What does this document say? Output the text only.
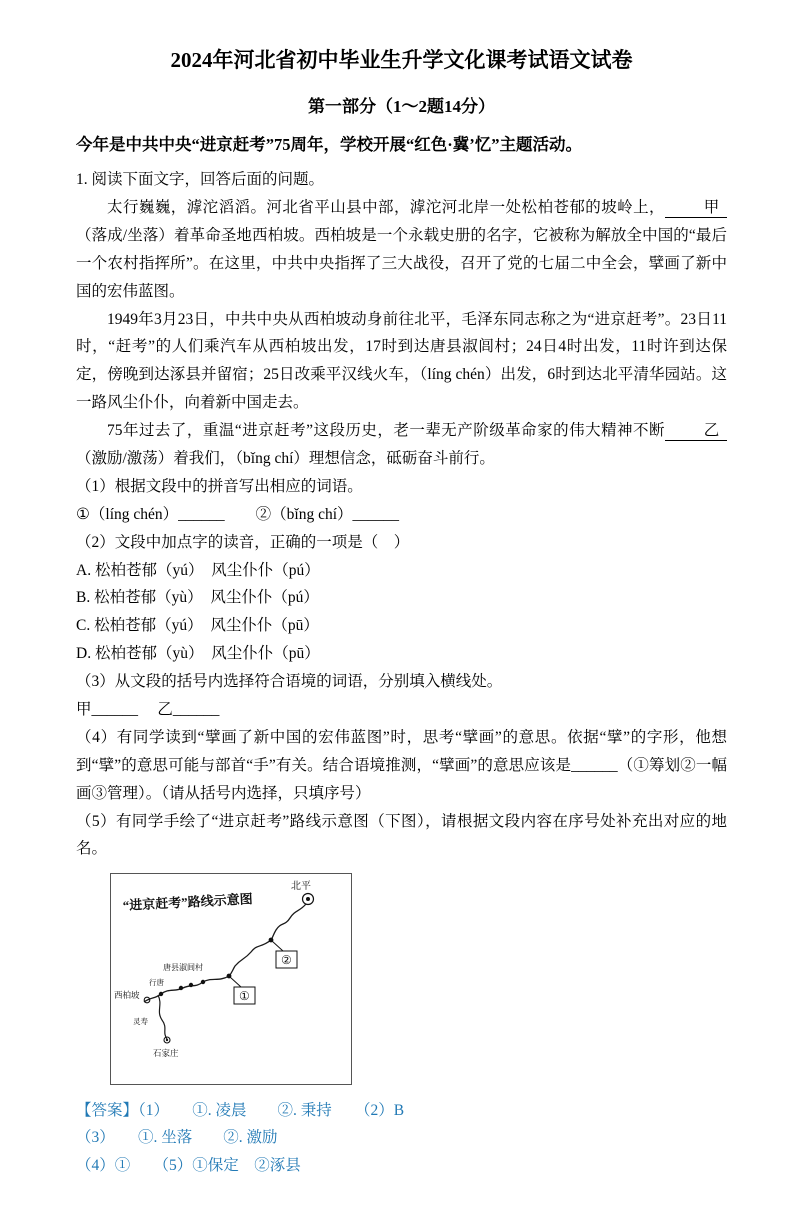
2024年河北省初中毕业生升学文化课考试语文试卷
第一部分（1～2题14分）

今年是中共中央“进京赶考”75周年，学校开展“红色·冀’忆”主题活动。

1. 阅读下面文字，回答后面的问题。

太行巍巍，滹沱滔滔。河北省平山县中部，滹沱河北岸一处松柏苍郁的坡岭上， 甲（落成/坐落）着革命圣地西柏坡。西柏坡是一个永载史册的名字，它被称为解放全中国的“最后一个农村指挥所”。在这里，中共中央指挥了三大战役，召开了党的七届二中全会，擘画了新中国的宏伟蓝图。

1949年3月23日，中共中央从西柏坡动身前往北平，毛泽东同志称之为“进京赶考”。23日11时，“赶考”的人们乘汽车从西柏坡出发，17时到达唐县淑闾村；24日4时出发，11时许到达保定，傍晚到达涿县并留宿；25日改乘平汉线火车，（líng chén）出发，6时到达北平清华园站。这一路风尘仆仆，向着新中国走去。

75年过去了，重温“进京赶考”这段历史，老一辈无产阶级革命家的伟大精神不断 乙（激励/激荡）着我们，（bǐng chí）理想信念，砥砺奋斗前行。

（1）根据文段中的拼音写出相应的词语。

①（líng chén）______　　②（bǐng chí）______

（2）文段中加点字的读音，正确的一项是（　）

A. 松柏苍郁（yú）　风尘仆仆（pú）

B. 松柏苍郁（yù）　风尘仆仆（pú）

C. 松柏苍郁（yú）　风尘仆仆（pū）

D. 松柏苍郁（yù）　风尘仆仆（pū）

（3）从文段的括号内选择符合语境的词语，分别填入横线处。

甲______　 乙______

（4）有同学读到“擘画了新中国的宏伟蓝图”时，思考“擘画”的意思。依据“擘”的字形，他想到“擘”的意思可能与部首“手”有关。结合语境推测，“擘画”的意思应该是______（①筹划②一幅画③管理）。（请从括号内选择，只填序号）

（5）有同学手绘了“进京赶考”路线示意图（下图），请根据文段内容在序号处补充出对应的地名。

“进京赶考”路线示意图
北平
②
①
唐县淑闾村
行唐
西柏坡
灵寿
石家庄

【答案】（1）　　①. 凌晨　　②. 秉持　　（2）B

（3）　　①. 坐落　　②. 激励

（4）①　　（5）①保定　②涿县
